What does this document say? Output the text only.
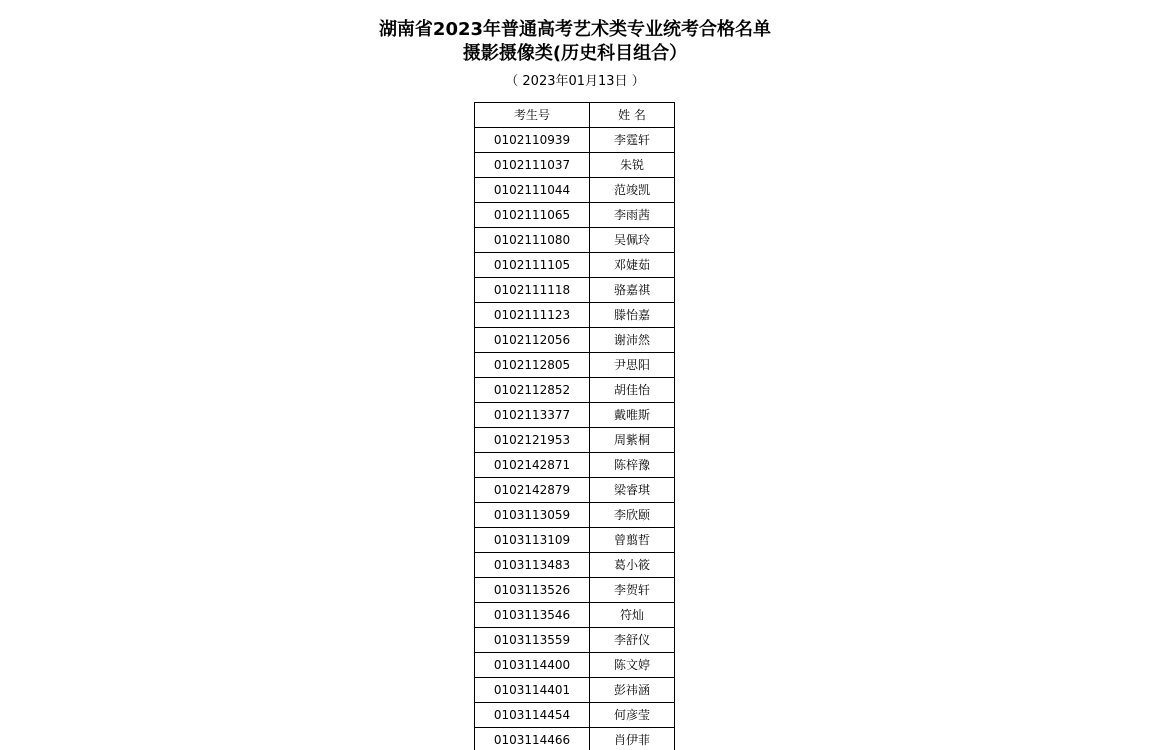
湖南省2023年普通高考艺术类专业统考合格名单
摄影摄像类(历史科目组合）
（ 2023年01月13日 ）
考生号	姓 名
0102110939	李霆轩
0102111037	朱锐
0102111044	范竣凯
0102111065	李雨茜
0102111080	吴佩玲
0102111105	邓婕茹
0102111118	骆嘉祺
0102111123	滕怡嘉
0102112056	谢沛然
0102112805	尹思阳
0102112852	胡佳怡
0102113377	戴唯斯
0102121953	周紫桐
0102142871	陈梓豫
0102142879	梁睿琪
0103113059	李欣颐
0103113109	曾翦哲
0103113483	葛小筱
0103113526	李贺轩
0103113546	符灿
0103113559	李舒仪
0103114400	陈文婷
0103114401	彭祎涵
0103114454	何彦莹
0103114466	肖伊菲
